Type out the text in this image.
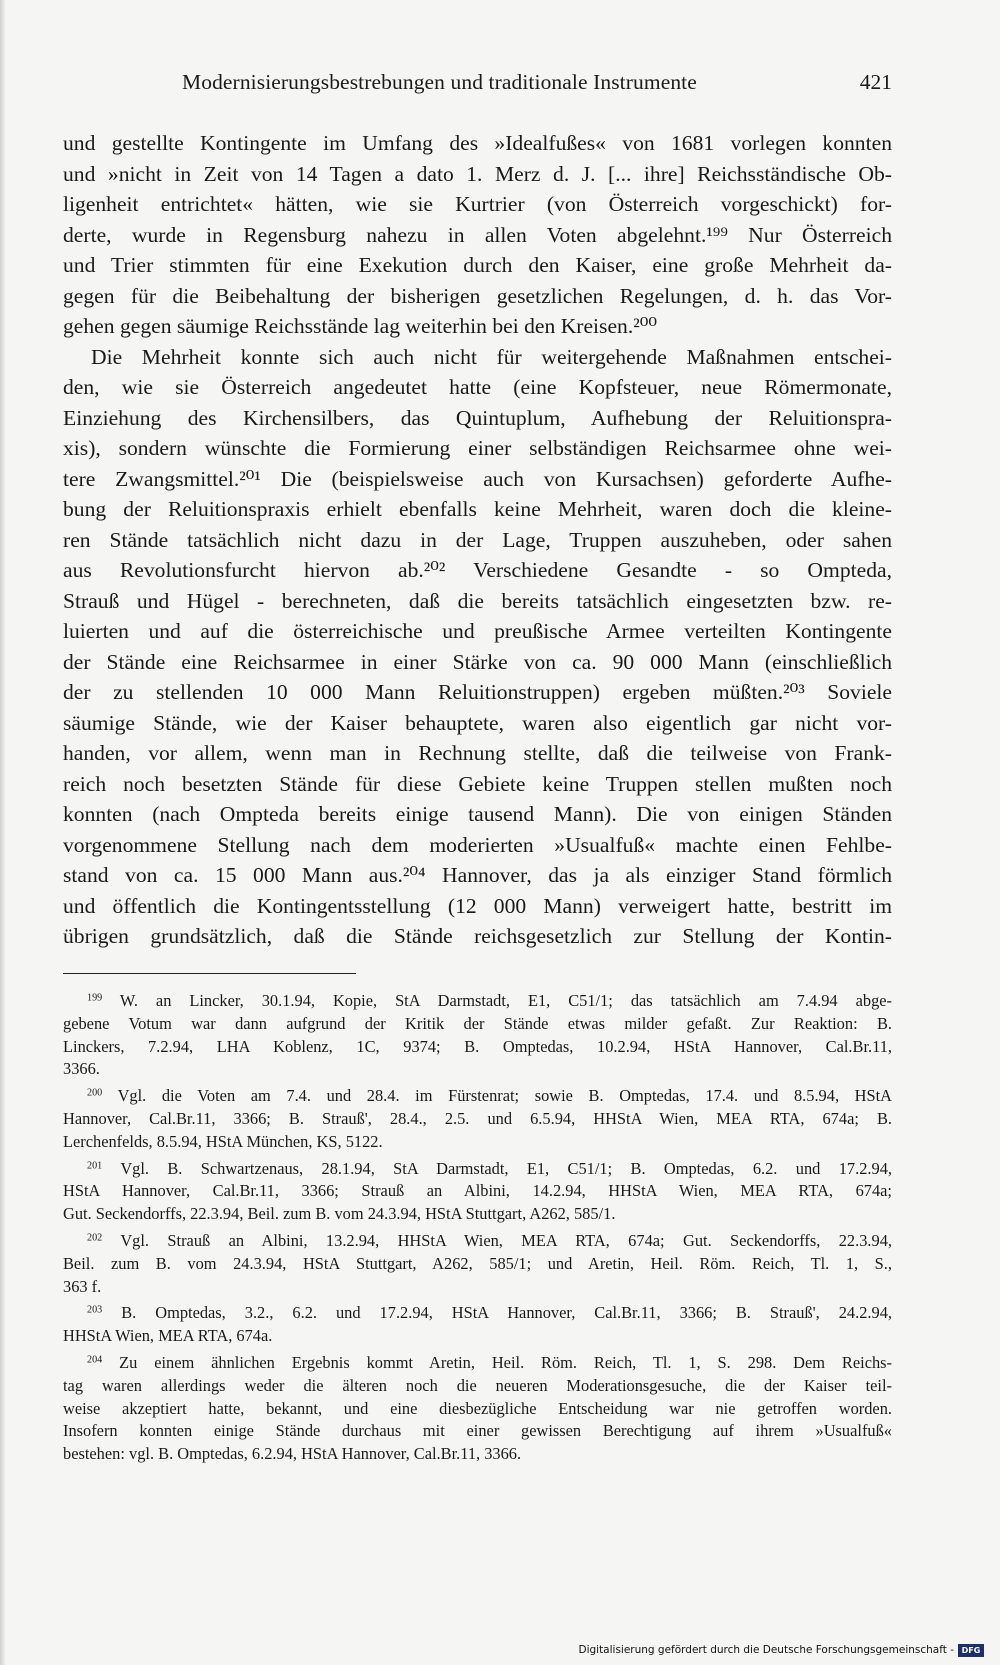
Modernisierungsbestrebungen und traditionale Instrumente	421
und gestellte Kontingente im Umfang des »Idealfußes« von 1681 vorlegen konnten
und »nicht in Zeit von 14 Tagen a dato 1. Merz d. J. [... ihre] Reichsständische Ob-
ligenheit entrichtet« hätten, wie sie Kurtrier (von Österreich vorgeschickt) for-
derte, wurde in Regensburg nahezu in allen Voten abgelehnt.¹⁹⁹ Nur Österreich
und Trier stimmten für eine Exekution durch den Kaiser, eine große Mehrheit da-
gegen für die Beibehaltung der bisherigen gesetzlichen Regelungen, d. h. das Vor-
gehen gegen säumige Reichsstände lag weiterhin bei den Kreisen.²⁰⁰
Die Mehrheit konnte sich auch nicht für weitergehende Maßnahmen entschei-
den, wie sie Österreich angedeutet hatte (eine Kopfsteuer, neue Römermonate,
Einziehung des Kirchensilbers, das Quintuplum, Aufhebung der Reluitionspra-
xis), sondern wünschte die Formierung einer selbständigen Reichsarmee ohne wei-
tere Zwangsmittel.²⁰¹ Die (beispielsweise auch von Kursachsen) geforderte Aufhe-
bung der Reluitionspraxis erhielt ebenfalls keine Mehrheit, waren doch die kleine-
ren Stände tatsächlich nicht dazu in der Lage, Truppen auszuheben, oder sahen
aus Revolutionsfurcht hiervon ab.²⁰² Verschiedene Gesandte - so Ompteda,
Strauß und Hügel - berechneten, daß die bereits tatsächlich eingesetzten bzw. re-
luierten und auf die österreichische und preußische Armee verteilten Kontingente
der Stände eine Reichsarmee in einer Stärke von ca. 90 000 Mann (einschließlich
der zu stellenden 10 000 Mann Reluitionstruppen) ergeben müßten.²⁰³ Soviele
säumige Stände, wie der Kaiser behauptete, waren also eigentlich gar nicht vor-
handen, vor allem, wenn man in Rechnung stellte, daß die teilweise von Frank-
reich noch besetzten Stände für diese Gebiete keine Truppen stellen mußten noch
konnten (nach Ompteda bereits einige tausend Mann). Die von einigen Ständen
vorgenommene Stellung nach dem moderierten »Usualfuß« machte einen Fehlbe-
stand von ca. 15 000 Mann aus.²⁰⁴ Hannover, das ja als einziger Stand förmlich
und öffentlich die Kontingentsstellung (12 000 Mann) verweigert hatte, bestritt im
übrigen grundsätzlich, daß die Stände reichsgesetzlich zur Stellung der Kontin-
$^{199}$ W. an Lincker, 30.1.94, Kopie, StA Darmstadt, E1, C51/1; das tatsächlich am 7.4.94 abge-
gebene Votum war dann aufgrund der Kritik der Stände etwas milder gefaßt. Zur Reaktion: B.
Linckers, 7.2.94, LHA Koblenz, 1C, 9374; B. Omptedas, 10.2.94, HStA Hannover, Cal.Br.11,
3366.
$^{200}$ Vgl. die Voten am 7.4. und 28.4. im Fürstenrat; sowie B. Omptedas, 17.4. und 8.5.94, HStA
Hannover, Cal.Br.11, 3366; B. Strauß', 28.4., 2.5. und 6.5.94, HHStA Wien, MEA RTA, 674a; B.
Lerchenfelds, 8.5.94, HStA München, KS, 5122.
$^{201}$ Vgl. B. Schwartzenaus, 28.1.94, StA Darmstadt, E1, C51/1; B. Omptedas, 6.2. und 17.2.94,
HStA Hannover, Cal.Br.11, 3366; Strauß an Albini, 14.2.94, HHStA Wien, MEA RTA, 674a;
Gut. Seckendorffs, 22.3.94, Beil. zum B. vom 24.3.94, HStA Stuttgart, A262, 585/1.
$^{202}$ Vgl. Strauß an Albini, 13.2.94, HHStA Wien, MEA RTA, 674a; Gut. Seckendorffs, 22.3.94,
Beil. zum B. vom 24.3.94, HStA Stuttgart, A262, 585/1; und Aretin, Heil. Röm. Reich, Tl. 1, S.,
363 f.
$^{203}$ B. Omptedas, 3.2., 6.2. und 17.2.94, HStA Hannover, Cal.Br.11, 3366; B. Strauß', 24.2.94,
HHStA Wien, MEA RTA, 674a.
$^{204}$ Zu einem ähnlichen Ergebnis kommt Aretin, Heil. Röm. Reich, Tl. 1, S. 298. Dem Reichs-
tag waren allerdings weder die älteren noch die neueren Moderationsgesuche, die der Kaiser teil-
weise akzeptiert hatte, bekannt, und eine diesbezügliche Entscheidung war nie getroffen worden.
Insofern konnten einige Stände durchaus mit einer gewissen Berechtigung auf ihrem »Usualfuß«
bestehen: vgl. B. Omptedas, 6.2.94, HStA Hannover, Cal.Br.11, 3366.
Digitalisierung gefördert durch die Deutsche Forschungsgemeinschaft - DFG
